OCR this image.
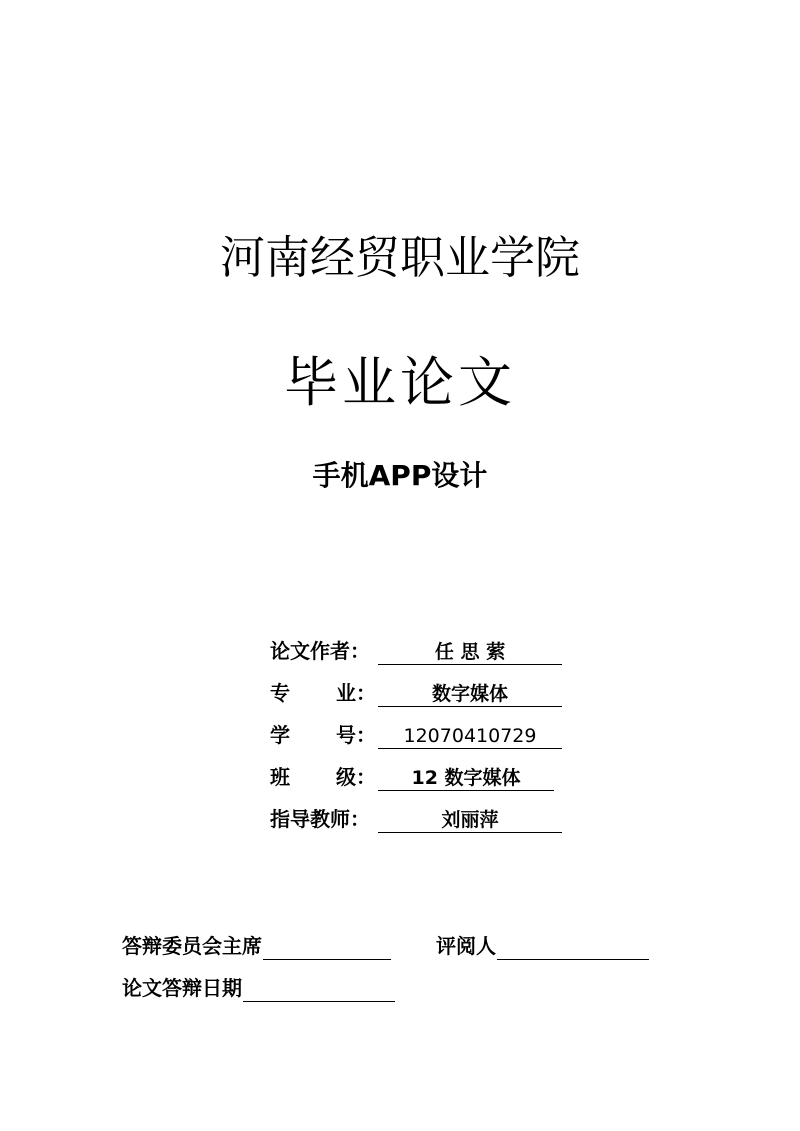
河南经贸职业学院
毕业论文
手机APP设计
论文作者：	任 思 萦
专 业：	数字媒体
学 号：	12070410729
班 级：	12 数字媒体
指导教师：	刘丽萍
答辩委员会主席	评阅人
论文答辩日期
